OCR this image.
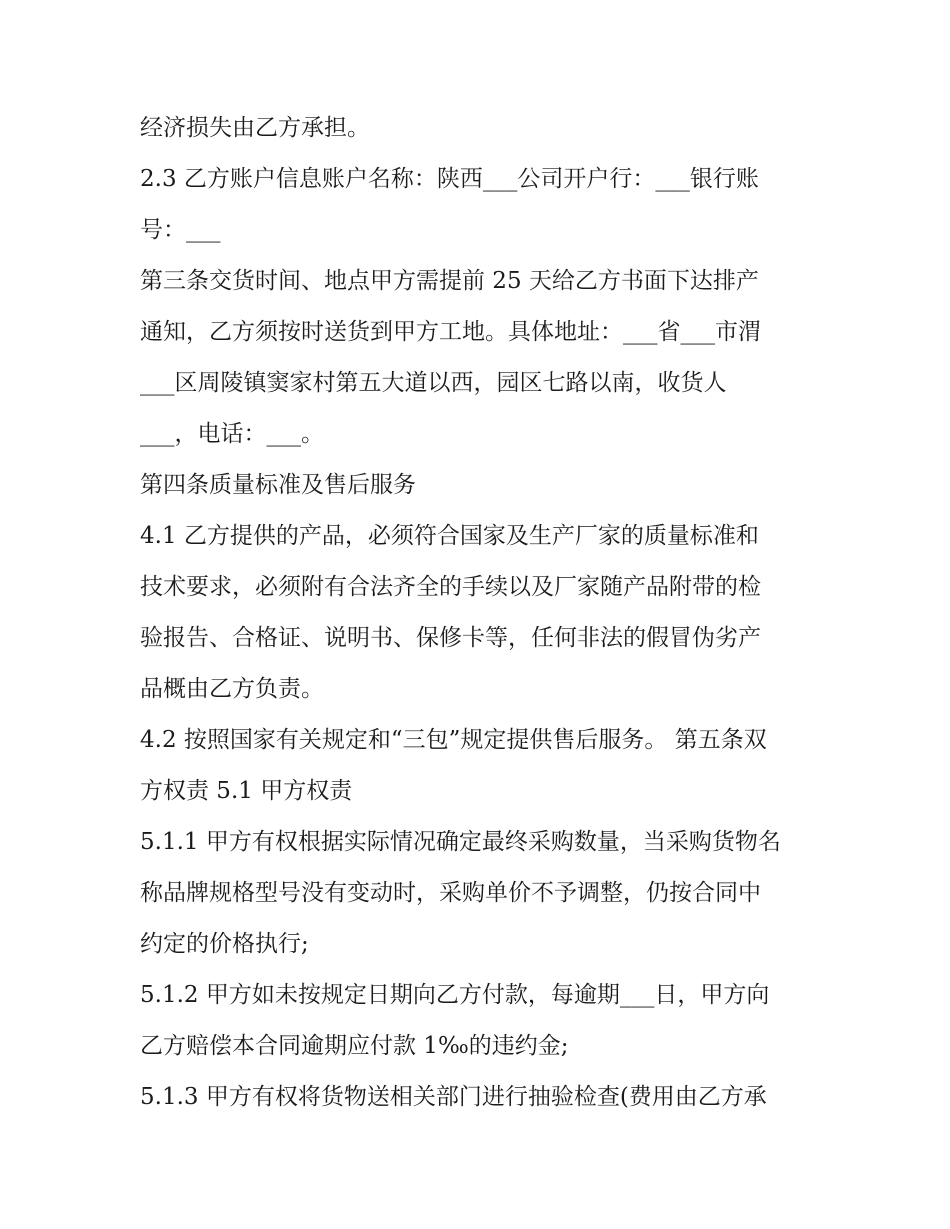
经济损失由乙方承担。
2.3 乙方账户信息账户名称：陕西___公司开户行：___银行账
号：___
第三条交货时间、地点甲方需提前 25 天给乙方书面下达排产
通知，乙方须按时送货到甲方工地。具体地址：___省___市渭
___区周陵镇窦家村第五大道以西，园区七路以南，收货人
___，电话：___。
第四条质量标准及售后服务
4.1 乙方提供的产品，必须符合国家及生产厂家的质量标准和
技术要求，必须附有合法齐全的手续以及厂家随产品附带的检
验报告、合格证、说明书、保修卡等，任何非法的假冒伪劣产
品概由乙方负责。
4.2 按照国家有关规定和“三包”规定提供售后服务。 第五条双
方权责 5.1 甲方权责
5.1.1 甲方有权根据实际情况确定最终采购数量，当采购货物名
称品牌规格型号没有变动时，采购单价不予调整，仍按合同中
约定的价格执行;
5.1.2 甲方如未按规定日期向乙方付款，每逾期___日，甲方向
乙方赔偿本合同逾期应付款 1‰的违约金;
5.1.3 甲方有权将货物送相关部门进行抽验检查(费用由乙方承
